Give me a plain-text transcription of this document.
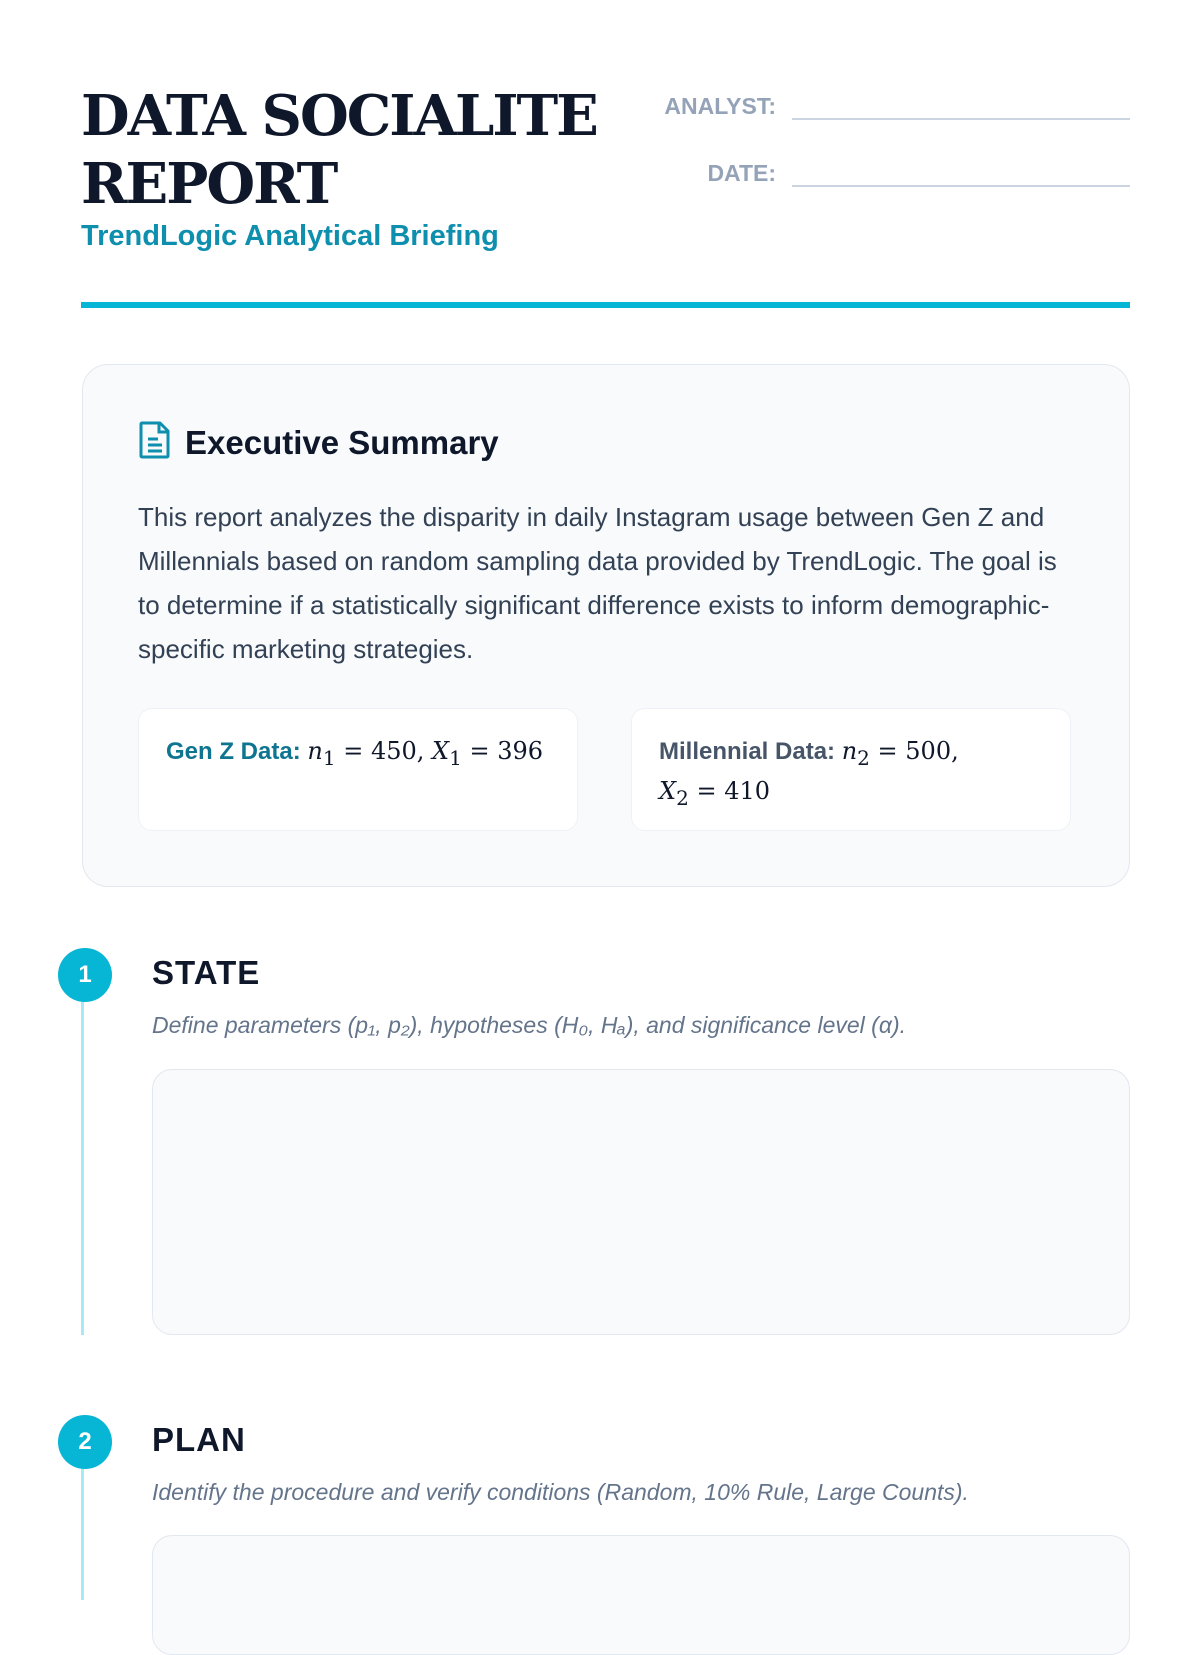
DATA SOCIALITE
REPORT
TrendLogic Analytical Briefing
ANALYST:
DATE:
Executive Summary

This report analyzes the disparity in daily Instagram usage between Gen Z and Millennials based on random sampling data provided by TrendLogic. The goal is to determine if a statistically significant difference exists to inform demographic-specific marketing strategies.

Gen Z Data: $n_1 = 450$, $X_1 = 396$	Millennial Data: $n_2 = 500$,
$X_2 = 410$
1	STATE
Define parameters (p₁, p₂), hypotheses (H₀, Hₐ), and significance level (α).
2	PLAN
Identify the procedure and verify conditions (Random, 10% Rule, Large Counts).
